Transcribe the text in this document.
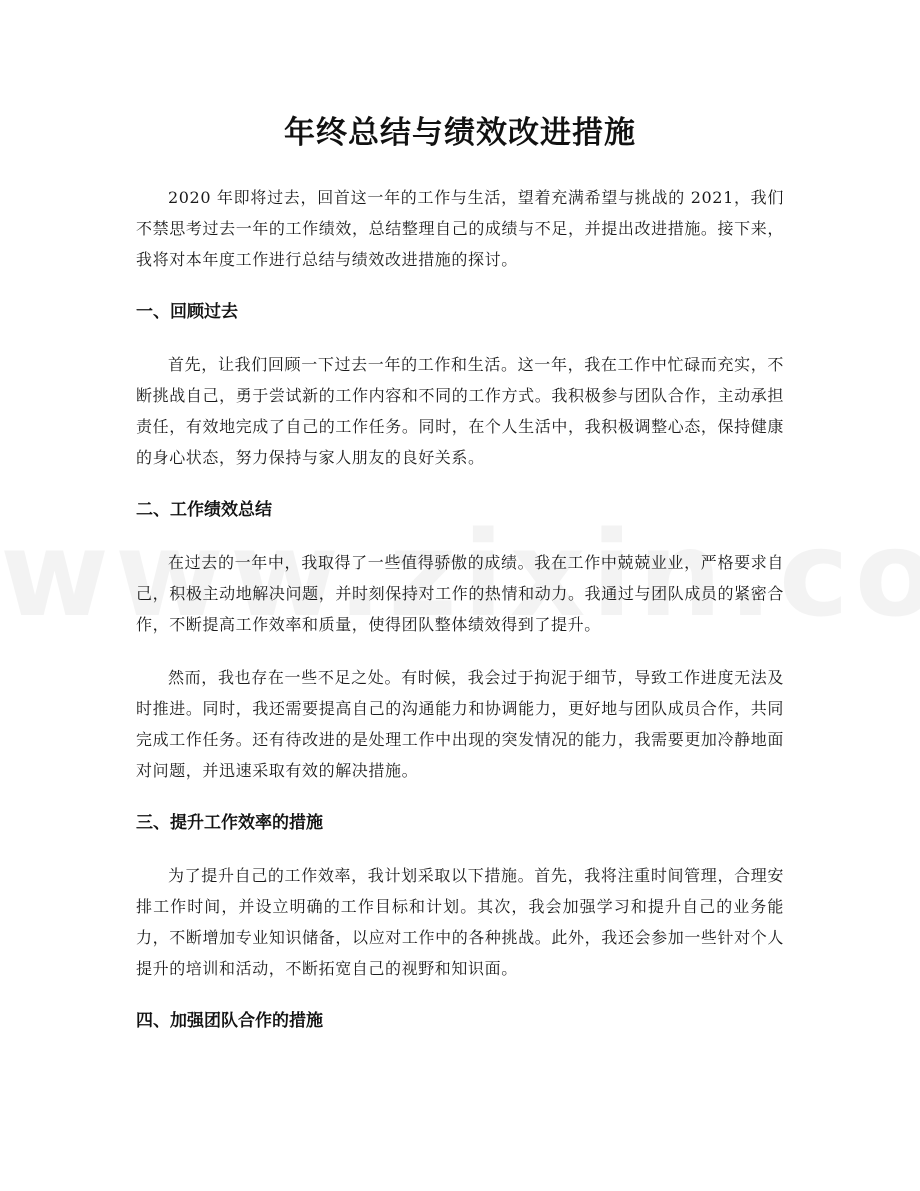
年终总结与绩效改进措施

2020 年即将过去，回首这一年的工作与生活，望着充满希望与挑战的 2021，我们不禁思考过去一年的工作绩效，总结整理自己的成绩与不足，并提出改进措施。接下来，我将对本年度工作进行总结与绩效改进措施的探讨。

一、回顾过去

首先，让我们回顾一下过去一年的工作和生活。这一年，我在工作中忙碌而充实，不断挑战自己，勇于尝试新的工作内容和不同的工作方式。我积极参与团队合作，主动承担责任，有效地完成了自己的工作任务。同时，在个人生活中，我积极调整心态，保持健康的身心状态，努力保持与家人朋友的良好关系。

二、工作绩效总结

在过去的一年中，我取得了一些值得骄傲的成绩。我在工作中兢兢业业，严格要求自己，积极主动地解决问题，并时刻保持对工作的热情和动力。我通过与团队成员的紧密合作，不断提高工作效率和质量，使得团队整体绩效得到了提升。

然而，我也存在一些不足之处。有时候，我会过于拘泥于细节，导致工作进度无法及时推进。同时，我还需要提高自己的沟通能力和协调能力，更好地与团队成员合作，共同完成工作任务。还有待改进的是处理工作中出现的突发情况的能力，我需要更加冷静地面对问题，并迅速采取有效的解决措施。

三、提升工作效率的措施

为了提升自己的工作效率，我计划采取以下措施。首先，我将注重时间管理，合理安排工作时间，并设立明确的工作目标和计划。其次，我会加强学习和提升自己的业务能力，不断增加专业知识储备，以应对工作中的各种挑战。此外，我还会参加一些针对个人提升的培训和活动，不断拓宽自己的视野和知识面。

四、加强团队合作的措施
